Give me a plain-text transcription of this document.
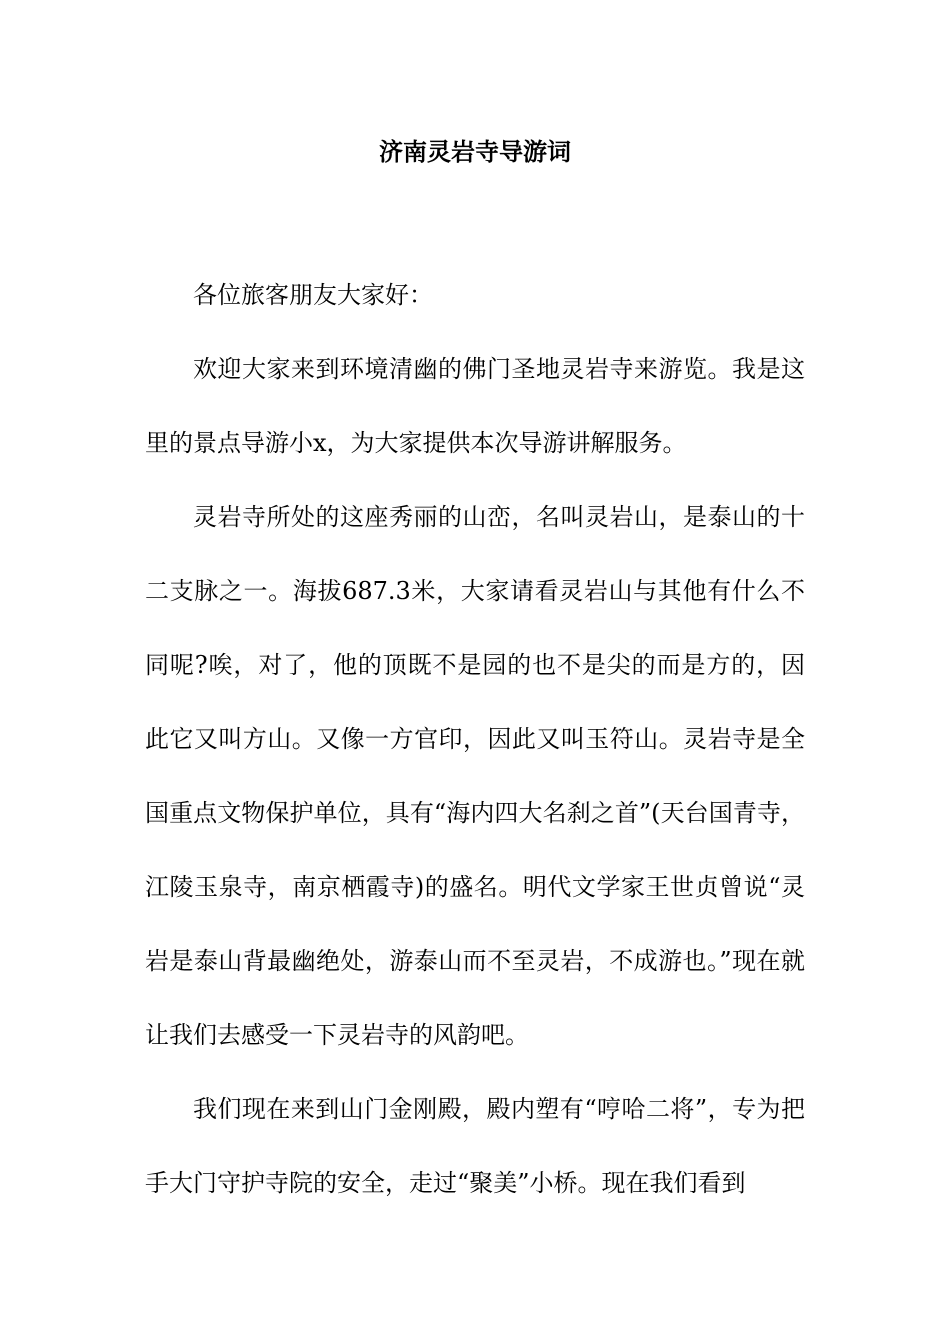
济南灵岩寺导游词

各位旅客朋友大家好：

欢迎大家来到环境清幽的佛门圣地灵岩寺来游览。我是这里的景点导游小x，为大家提供本次导游讲解服务。

灵岩寺所处的这座秀丽的山峦，名叫灵岩山，是泰山的十二支脉之一。海拔687.3米，大家请看灵岩山与其他有什么不同呢?唉，对了，他的顶既不是园的也不是尖的而是方的，因此它又叫方山。又像一方官印，因此又叫玉符山。灵岩寺是全国重点文物保护单位，具有“海内四大名刹之首”(天台国青寺，江陵玉泉寺，南京栖霞寺)的盛名。明代文学家王世贞曾说“灵岩是泰山背最幽绝处，游泰山而不至灵岩，不成游也。”现在就让我们去感受一下灵岩寺的风韵吧。

我们现在来到山门金刚殿，殿内塑有“哼哈二将”，专为把手大门守护寺院的安全，走过“聚美”小桥。现在我们看到
